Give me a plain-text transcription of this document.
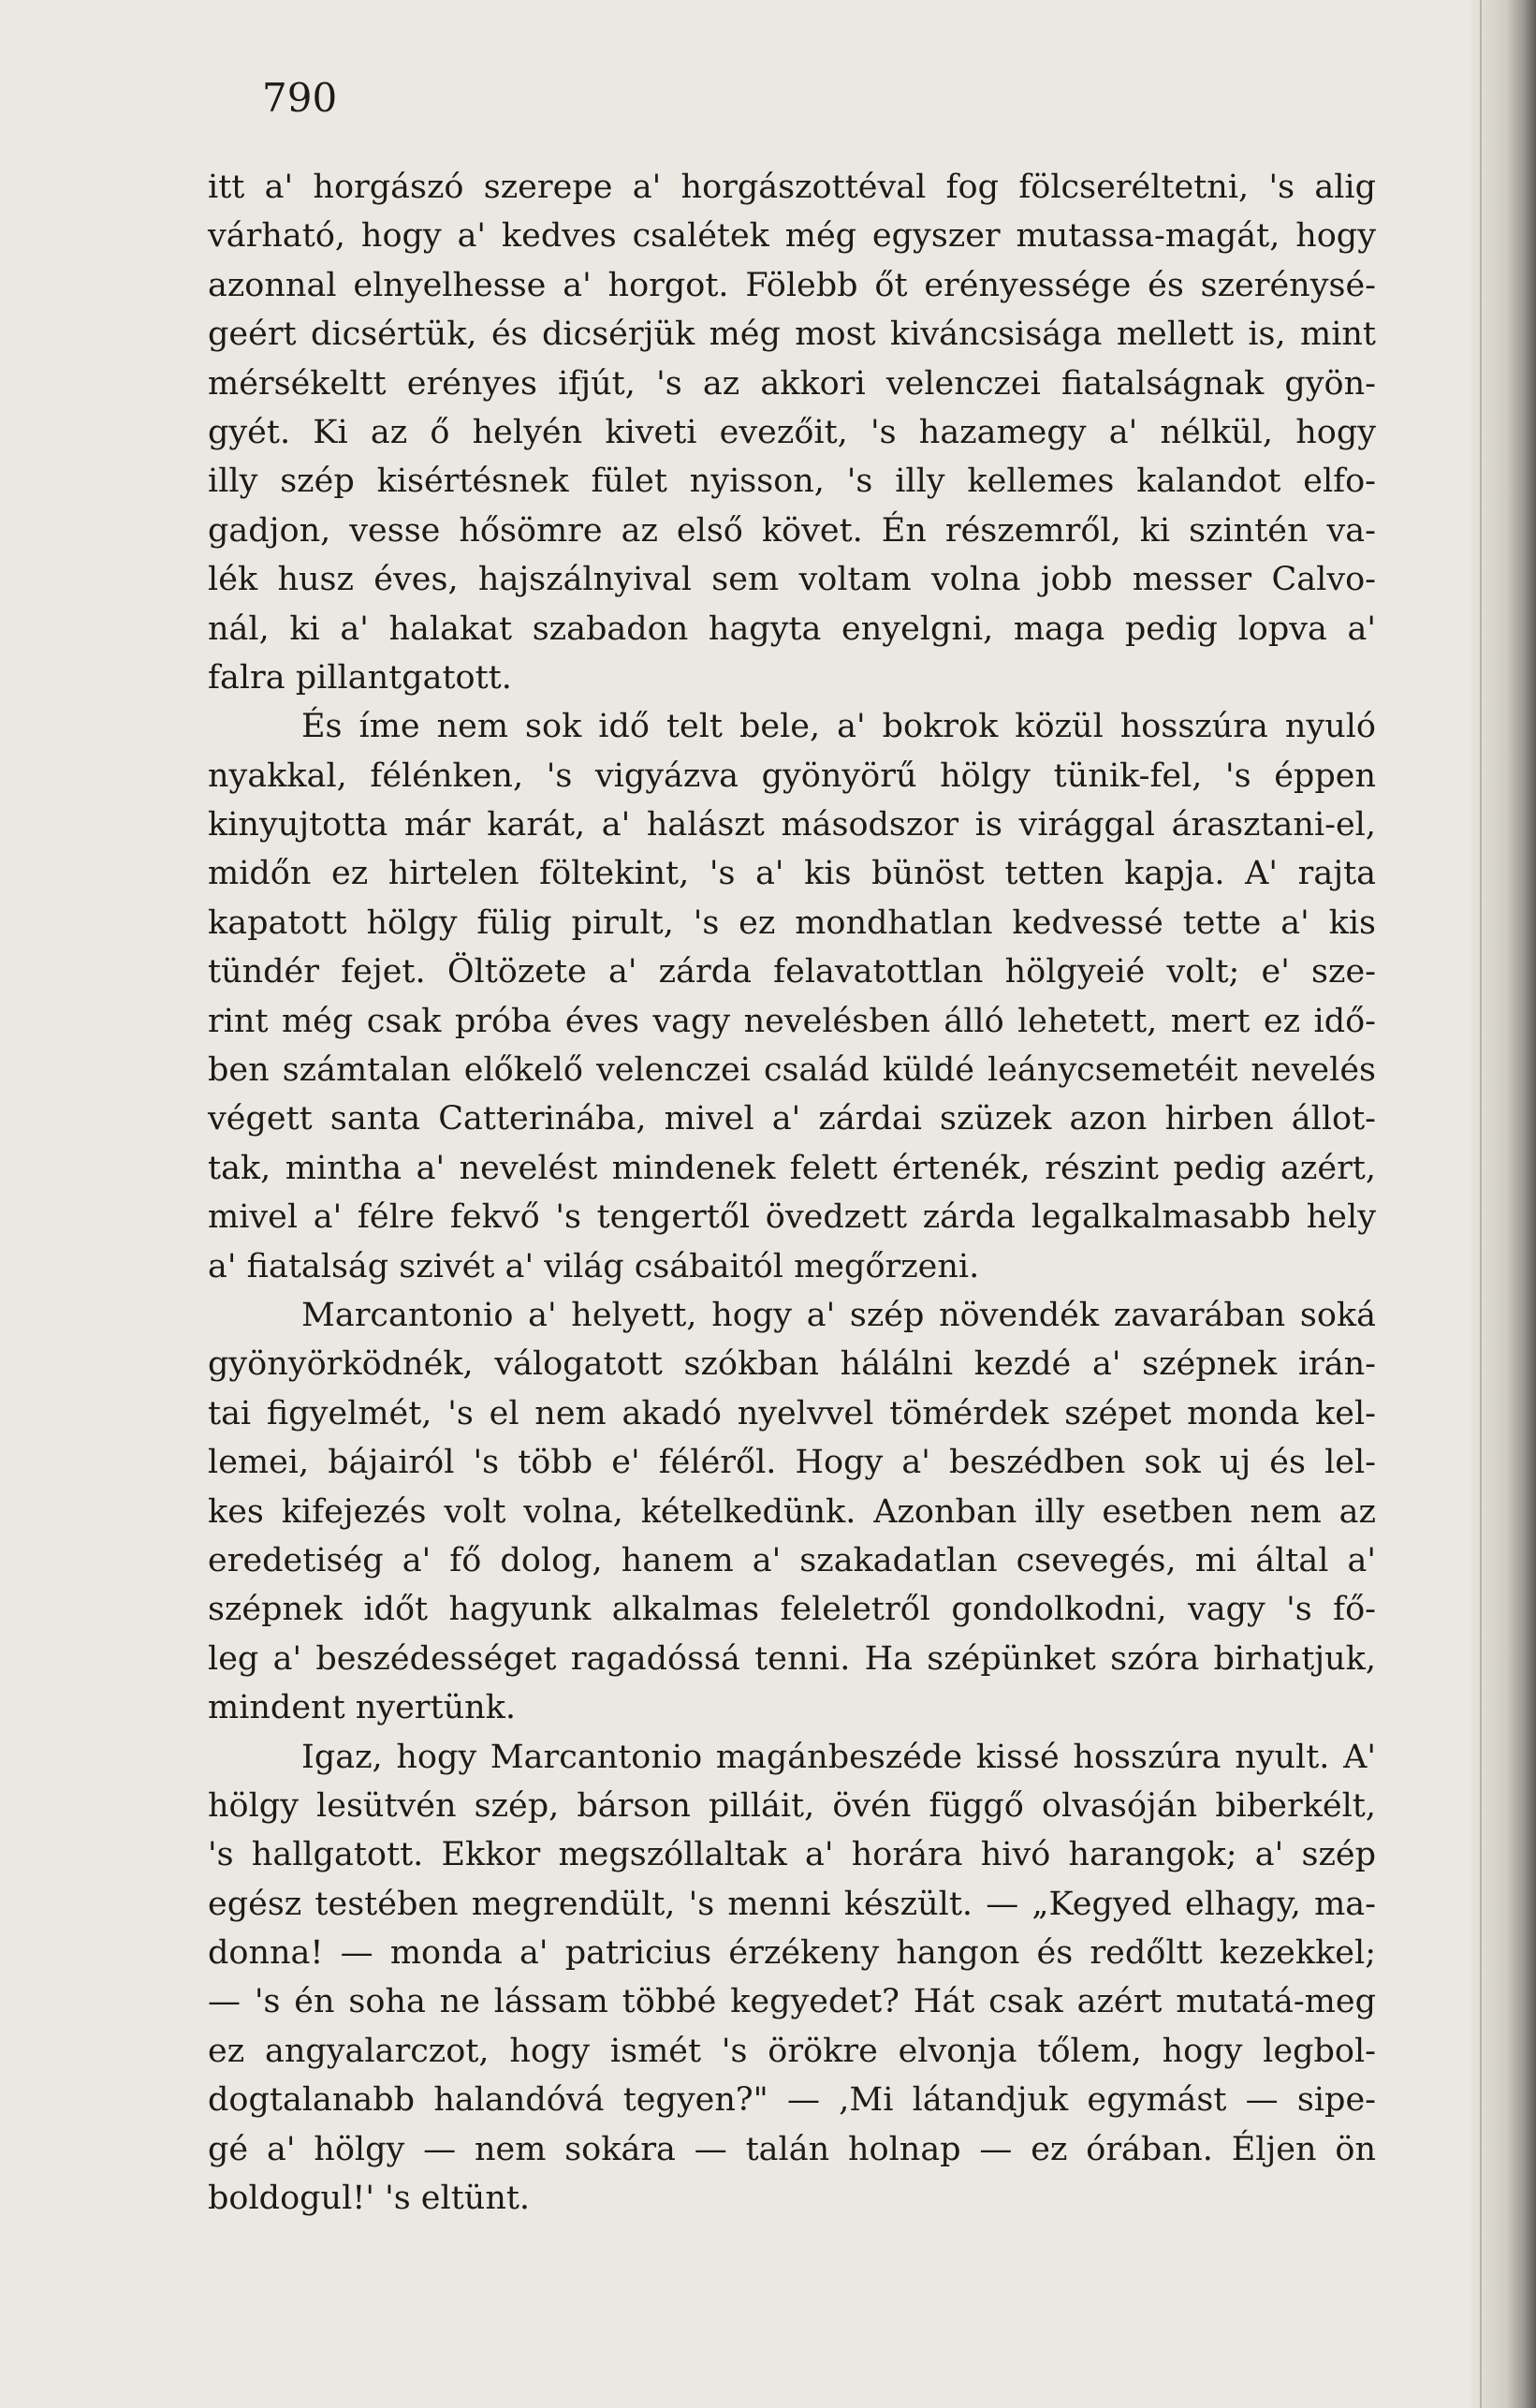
790
itt a' horgászó szerepe a' horgászottéval fog fölcseréltetni, 's alig
várható, hogy a' kedves csalétek még egyszer mutassa-magát, hogy
azonnal elnyelhesse a' horgot. Fölebb őt erényessége és szerénysé-
geért dicsértük, és dicsérjük még most kiváncsisága mellett is, mint
mérsékeltt erényes ifjút, 's az akkori velenczei fiatalságnak gyön-
gyét. Ki az ő helyén kiveti evezőit, 's hazamegy a' nélkül, hogy
illy szép kisértésnek fület nyisson, 's illy kellemes kalandot elfo-
gadjon, vesse hősömre az első követ. Én részemről, ki szintén va-
lék husz éves, hajszálnyival sem voltam volna jobb messer Calvo-
nál, ki a' halakat szabadon hagyta enyelgni, maga pedig lopva a'
falra pillantgatott.
És íme nem sok idő telt bele, a' bokrok közül hosszúra nyuló
nyakkal, félénken, 's vigyázva gyönyörű hölgy tünik-fel, 's éppen
kinyujtotta már karát, a' halászt másodszor is virággal árasztani-el,
midőn ez hirtelen föltekint, 's a' kis bünöst tetten kapja. A' rajta
kapatott hölgy fülig pirult, 's ez mondhatlan kedvessé tette a' kis
tündér fejet. Öltözete a' zárda felavatottlan hölgyeié volt; e' sze-
rint még csak próba éves vagy nevelésben álló lehetett, mert ez idő-
ben számtalan előkelő velenczei család küldé leánycsemetéit nevelés
végett santa Catterinába, mivel a' zárdai szüzek azon hirben állot-
tak, mintha a' nevelést mindenek felett értenék, részint pedig azért,
mivel a' félre fekvő 's tengertől övedzett zárda legalkalmasabb hely
a' fiatalság szivét a' világ csábaitól megőrzeni.
Marcantonio a' helyett, hogy a' szép növendék zavarában soká
gyönyörködnék, válogatott szókban hálálni kezdé a' szépnek irán-
tai figyelmét, 's el nem akadó nyelvvel tömérdek szépet monda kel-
lemei, bájairól 's több e' féléről. Hogy a' beszédben sok uj és lel-
kes kifejezés volt volna, kételkedünk. Azonban illy esetben nem az
eredetiség a' fő dolog, hanem a' szakadatlan csevegés, mi által a'
szépnek időt hagyunk alkalmas feleletről gondolkodni, vagy 's fő-
leg a' beszédességet ragadóssá tenni. Ha szépünket szóra birhatjuk,
mindent nyertünk.
Igaz, hogy Marcantonio magánbeszéde kissé hosszúra nyult. A'
hölgy lesütvén szép, bárson pilláit, övén függő olvasóján biberkélt,
's hallgatott. Ekkor megszóllaltak a' horára hivó harangok; a' szép
egész testében megrendült, 's menni készült. — „Kegyed elhagy, ma-
donna! — monda a' patricius érzékeny hangon és redőltt kezekkel;
— 's én soha ne lássam többé kegyedet? Hát csak azért mutatá-meg
ez angyalarczot, hogy ismét 's örökre elvonja tőlem, hogy legbol-
dogtalanabb halandóvá tegyen?" — ,Mi látandjuk egymást — sipe-
gé a' hölgy — nem sokára — talán holnap — ez órában. Éljen ön
boldogul!' 's eltünt.
